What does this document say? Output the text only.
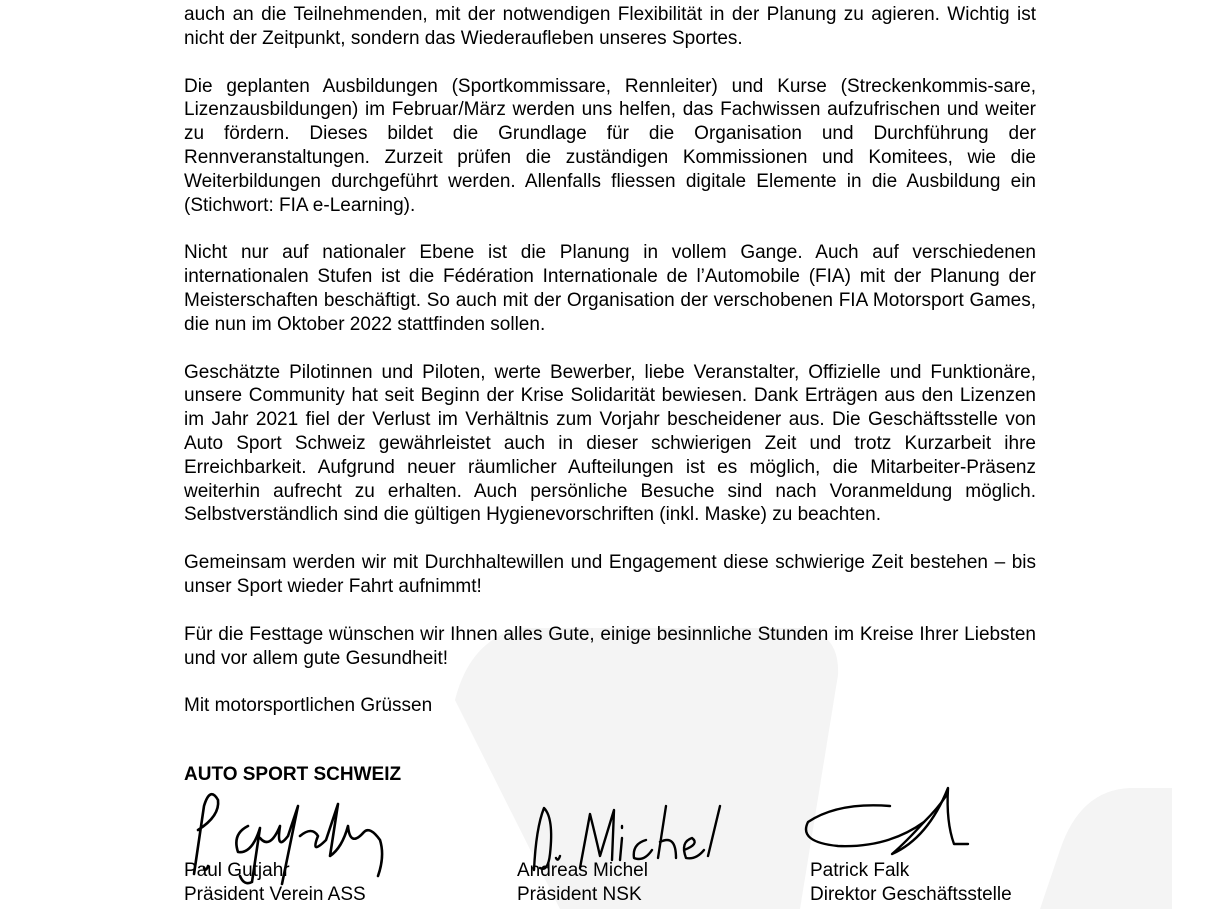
auch an die Teilnehmenden, mit der notwendigen Flexibilität in der Planung zu agieren. Wichtig ist nicht der Zeitpunkt, sondern das Wiederaufleben unseres Sportes.

Die geplanten Ausbildungen (Sportkommissare, Rennleiter) und Kurse (Streckenkommis-sare, Lizenzausbildungen) im Februar/März werden uns helfen, das Fachwissen aufzufrischen und weiter zu fördern. Dieses bildet die Grundlage für die Organisation und Durchführung der Rennveranstaltungen. Zurzeit prüfen die zuständigen Kommissionen und Komitees, wie die Weiterbildungen durchgeführt werden. Allenfalls fliessen digitale Elemente in die Ausbildung ein (Stichwort: FIA e-Learning).

Nicht nur auf nationaler Ebene ist die Planung in vollem Gange. Auch auf verschiedenen internationalen Stufen ist die Fédération Internationale de l’Automobile (FIA) mit der Planung der Meisterschaften beschäftigt. So auch mit der Organisation der verschobenen FIA Motorsport Games, die nun im Oktober 2022 stattfinden sollen.

Geschätzte Pilotinnen und Piloten, werte Bewerber, liebe Veranstalter, Offizielle und Funktionäre, unsere Community hat seit Beginn der Krise Solidarität bewiesen. Dank Erträgen aus den Lizenzen im Jahr 2021 fiel der Verlust im Verhältnis zum Vorjahr bescheidener aus. Die Geschäftsstelle von Auto Sport Schweiz gewährleistet auch in dieser schwierigen Zeit und trotz Kurzarbeit ihre Erreichbarkeit. Aufgrund neuer räumlicher Aufteilungen ist es möglich, die Mitarbeiter-Präsenz weiterhin aufrecht zu erhalten. Auch persönliche Besuche sind nach Voranmeldung möglich. Selbstverständlich sind die gültigen Hygienevorschriften (inkl. Maske) zu beachten.

Gemeinsam werden wir mit Durchhaltewillen und Engagement diese schwierige Zeit bestehen – bis unser Sport wieder Fahrt aufnimmt!

Für die Festtage wünschen wir Ihnen alles Gute, einige besinnliche Stunden im Kreise Ihrer Liebsten und vor allem gute Gesundheit!

Mit motorsportlichen Grüssen

AUTO SPORT SCHWEIZ
Paul Gutjahr
Präsident Verein ASS
Andreas Michel
Präsident NSK
Patrick Falk
Direktor Geschäftsstelle
